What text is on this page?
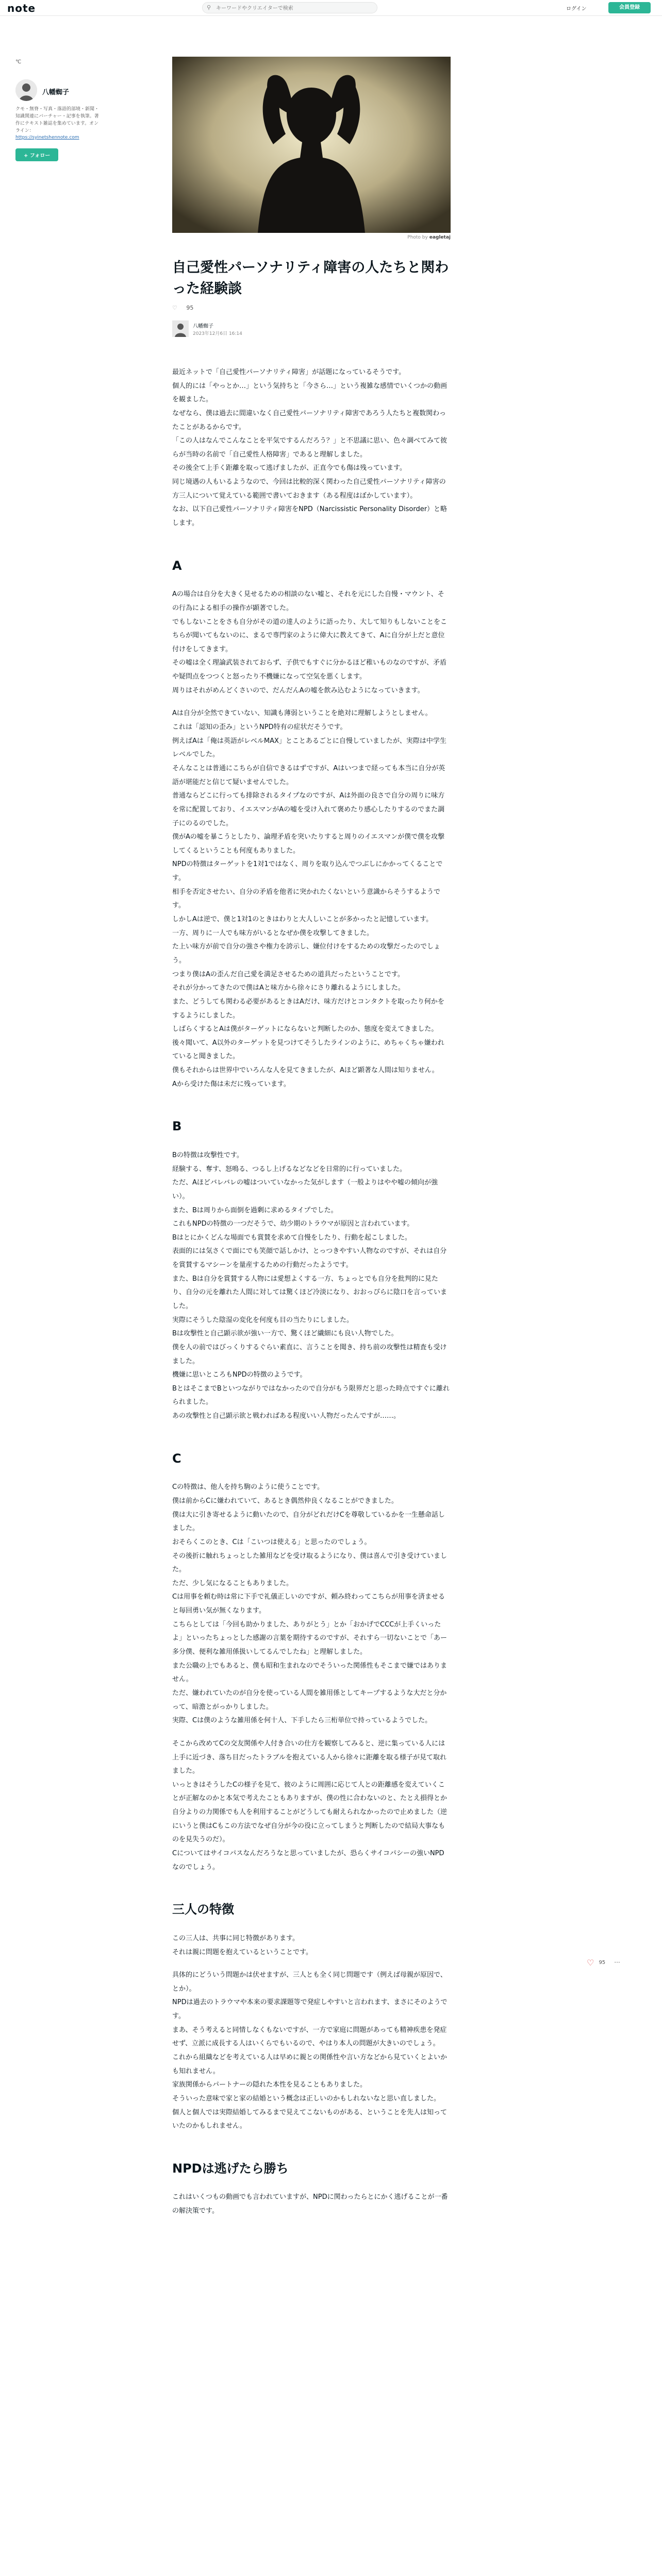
note	⚲
キーワードやクリエイターで検索	ログイン	会員登録
℃
八幡蜘子
クモ・無脊・写真・落語的部境・新聞・知識関連にバーチャー・記事を執筆。著作にテキスト雑誌を集めています。オンライン：
https://syinetshennote.com
+ フォロー
Photo by eagletaj
自己愛性パーソナリティ障害の人たちと関わった経験談
♡ 95
八幡蜘子
2023年12月6日 16:14

最近ネットで「自己愛性パーソナリティ障害」が話題になっているそうです。
個人的には「やっとか…」という気持ちと「今さら…」という複雑な感情でいくつかの動画を観ました。
なぜなら、僕は過去に間違いなく自己愛性パーソナリティ障害であろう人たちと複数関わったことがあるからです。
「この人はなんでこんなことを平気でするんだろう？」と不思議に思い、色々調べてみて彼らが当時の名前で「自己愛性人格障害」であると理解しました。
その後全て上手く距離を取って逃げましたが、正直今でも傷は残っています。
同じ境遇の人もいるようなので、今回は比較的深く関わった自己愛性パーソナリティ障害の方三人について覚えている範囲で書いておきます（ある程度はぼかしています）。
なお、以下自己愛性パーソナリティ障害をNPD（Narcissistic Personality Disorder）と略します。

A

Aの場合は自分を大きく見せるための相談のない嘘と、それを元にした自慢・マウント、その行為による相手の操作が顕著でした。
でもしないことをさも自分がその道の達人のように語ったり、大して知りもしないことをこちらが聞いてもないのに、まるで専門家のように偉大に教えてきて、Aに自分が上だと意位付けをしてきます。
その嘘は全く理論武装されておらず、子供でもすぐに分かるほど稚いものなのですが、矛盾や疑問点をつつくと怒ったり不機嫌になって空気を悪くします。
周りはそれがめんどくさいので、だんだんAの嘘を飲み込むようになっていきます。

Aは自分が全然できていない、知識も薄弱ということを絶対に理解しようとしません。
これは「認知の歪み」というNPD特有の症状だそうです。
例えばAは「俺は英語がレベルMAX」とことあるごとに自慢していましたが、実際は中学生レベルでした。
そんなことは普通にこちらが自信できるはずですが、Aはいつまで経っても本当に自分が英語が堪能だと信じて疑いませんでした。
普通ならどこに行っても排除されるタイプなのですが、Aは外面の良さで自分の周りに味方を常に配置しており、イエスマンがAの嘘を受け入れて褒めたり感心したりするのでまた調子にのるのでした。
僕がAの嘘を暴こうとしたり、論理矛盾を突いたりすると周りのイエスマンが僕で僕を攻撃してくるということも何度もありました。
NPDの特徴はターゲットを1対1ではなく、周りを取り込んでつぶしにかかってくることです。
相手を否定させたい、自分の矛盾を他者に突かれたくないという意識からそうするようです。
しかしAは逆で、僕と1対1のときはわりと大人しいことが多かったと記憶しています。
一方、周りに一人でも味方がいるとなぜか僕を攻撃してきました。
た上い味方が前で自分の強さや権力を誇示し、嫌位付けをするための攻撃だったのでしょう。
つまり僕はAの歪んだ自己愛を満足させるための道具だったということです。
それが分かってきたので僕はAと味方から徐々にさり離れるようにしました。
また、どうしても関わる必要があるときはAだけ、味方だけとコンタクトを取ったり何かをするようにしました。
しばらくするとAは僕がターゲットにならないと判断したのか、態度を変えてきました。
後々聞いて、A以外のターゲットを見つけてそうしたラインのように、めちゃくちゃ嫌われていると聞きました。
僕もそれからは世界中でいろんな人を見てきましたが、Aほど顕著な人間は知りません。
Aから受けた傷は未だに残っています。

B

Bの特徴は攻撃性です。
経験する、奪す、怒鳴る、つるし上げるなどなどを日常的に行っていました。
ただ、Aほどバレバレの嘘はついていなかった気がします（一般よりはやや嘘の傾向が強い）。
また、Bは周りから面倒を過剰に求めるタイプでした。
これもNPDの特徴の一つだそうで、幼少期のトラウマが原因と言われています。
Bはとにかくどんな場面でも賞賛を求めて自慢をしたり、行動を起こしました。
表面的には気さくで面にでも笑顔で話しかけ、とっつきやすい人物なのですが、それは自分を賞賛するマシーンを量産するための行動だったようです。
また、Bは自分を賞賛する人物には愛想よくする一方、ちょっとでも自分を批判的に見たり、自分の元を離れた人間に対しては驚くほど冷淡になり、おおっぴらに陰口を言っていました。
実際にそうした陰湿の変化を何度も目の当たりにしました。
Bは攻撃性と自己顕示欲が強い一方で、驚くほど繊細にも良い人物でした。
僕を人の前ではびっくりするぐらい素直に、言うことを聞き、持ち前の攻撃性は精査も受けました。
機嫌に思いところもNPDの特徴のようです。
BとはそこまでBといつながりではなかったので自分がもう限界だと思った時点ですぐに離れられました。
あの攻撃性と自己顕示欲と戦わればある程度いい人物だったんですが……。

C

Cの特徴は、他人を持ち駒のように使うことです。
僕は前からCに嫌われていて、あるとき偶然仲良くなることができました。
僕は大に引き寄せるように動いたので、自分がどれだけCを尊敬しているかを一生懸命話しました。
おそらくこのとき、Cは「こいつは使える」と思ったのでしょう。
その後折に触れちょっとした雑用などを受け取るようになり、僕は喜んで引き受けていました。
ただ、少し気になることもありました。
Cは用事を頼む時は常に下手で礼儀正しいのですが、頼み終わってこちらが用事を済ませると毎回勇い気が無くなります。
こちらとしては「今回も助かりました、ありがとう」とか「おかげでCCCが上手くいったよ」といったちょっとした感謝の言葉を期待するのですが、それすら一切ないことで「あー多分僕、便利な雑用係扱いしてるんでしたね」と理解しました。
また公職の上でもあると、僕も昭和生まれなのでそういった関係性もそこまで嫌ではありません。
ただ、嫌われていたのが自分を使っている人間を雑用係としてキープするような大だと分かって、暗澹とがっかりしました。
実際、Cは僕のような雑用係を何十人、下手したら三桁単位で持っているようでした。

そこから改めてCの交友関係や人付き合いの仕方を観察してみると、逆に集っている人には上手に近づき、落ち目だったトラブルを抱えている人から徐々に距離を取る様子が見て取れました。
いっときはそうしたCの様子を見て、彼のように周囲に応じて人との距離感を変えていくことが正解なのかと本気で考えたこともありますが、僕の性に合わないのと、たとえ損得とか自分よりの力関係でも人を利用することがどうしても耐えられなかったので止めました（逆にいうと僕はCもこの方法でなぜ自分が今の役に立ってしまうと判断したので結局大事なものを見失うのだ）。
Cについてはサイコパスなんだろうなと思っていましたが、恐らくサイコパシーの強いNPDなのでしょう。

三人の特徴

この三人は、共事に同じ特徴があります。
それは親に問題を抱えているということです。

具体的にどういう問題かは伏せますが、三人とも全く同じ問題です（例えば母親が原因で、とか）。
NPDは過去のトラウマや本来の要求課題等で発症しやすいと言われます、まさにそのようです。
まあ、そう考えると同情しなくもないですが、一方で家庭に問題があっても精神疾患を発症せず、立派に成長する人はいくらでもいるので、やはり本人の問題が大きいのでしょう。
これから組織などを考えている人は早めに親との関係性や言い方などから見ていくとよいかも知れません。
家族関係からパートナーの隠れた本性を見ることもありました。
そういった意味で家と家の結婚という概念は正しいのかもしれないなと思い直しました。
個人と個人では実際結婚してみるまで見えてこないものがある、ということを先人は知っていたのかもしれません。

NPDは逃げたら勝ち

これはいくつもの動画でも言われていますが、NPDに関わったらとにかく逃げることが一番の解決策です。

♡ 95 ···
